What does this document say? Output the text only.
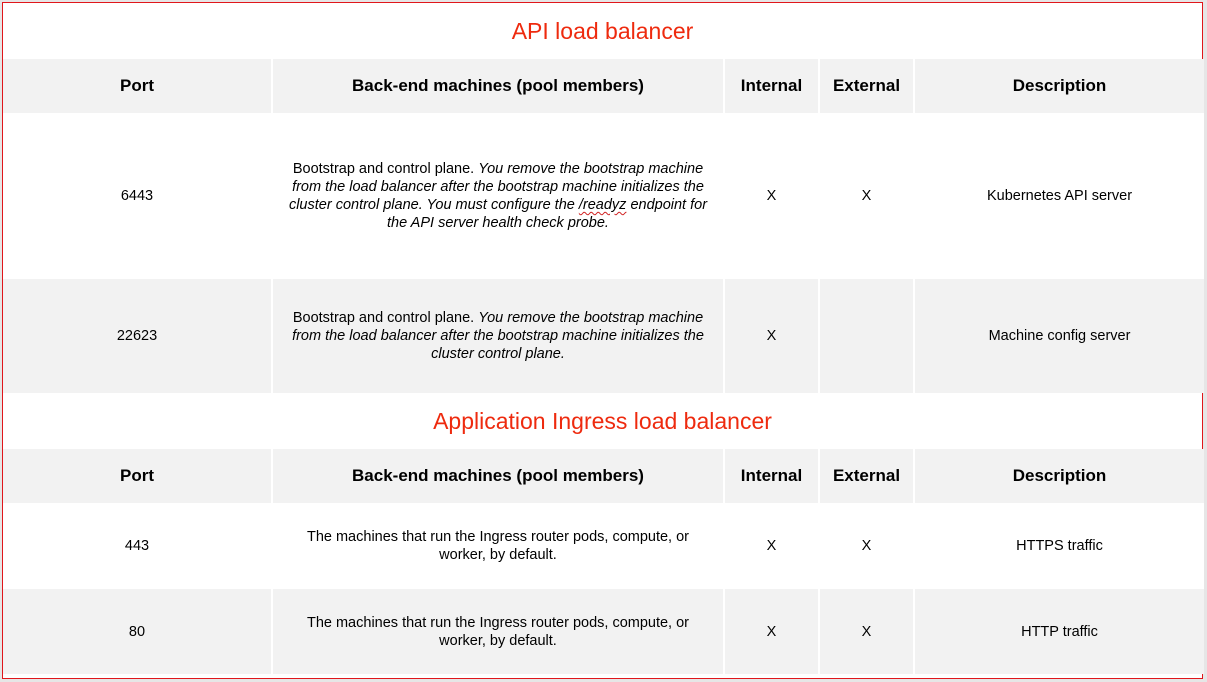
API load balancer
Port	Back-end machines (pool members)	Internal	External	Description
6443	Bootstrap and control plane. You remove the bootstrap machine from the load balancer after the bootstrap machine initializes the cluster control plane. You must configure the /readyz endpoint for the API server health check probe.	X	X	Kubernetes API server
22623	Bootstrap and control plane. You remove the bootstrap machine from the load balancer after the bootstrap machine initializes the cluster control plane.	X		Machine config server
Application Ingress load balancer
Port	Back-end machines (pool members)	Internal	External	Description
443	The machines that run the Ingress router pods, compute, or worker, by default.	X	X	HTTPS traffic
80	The machines that run the Ingress router pods, compute, or worker, by default.	X	X	HTTP traffic
